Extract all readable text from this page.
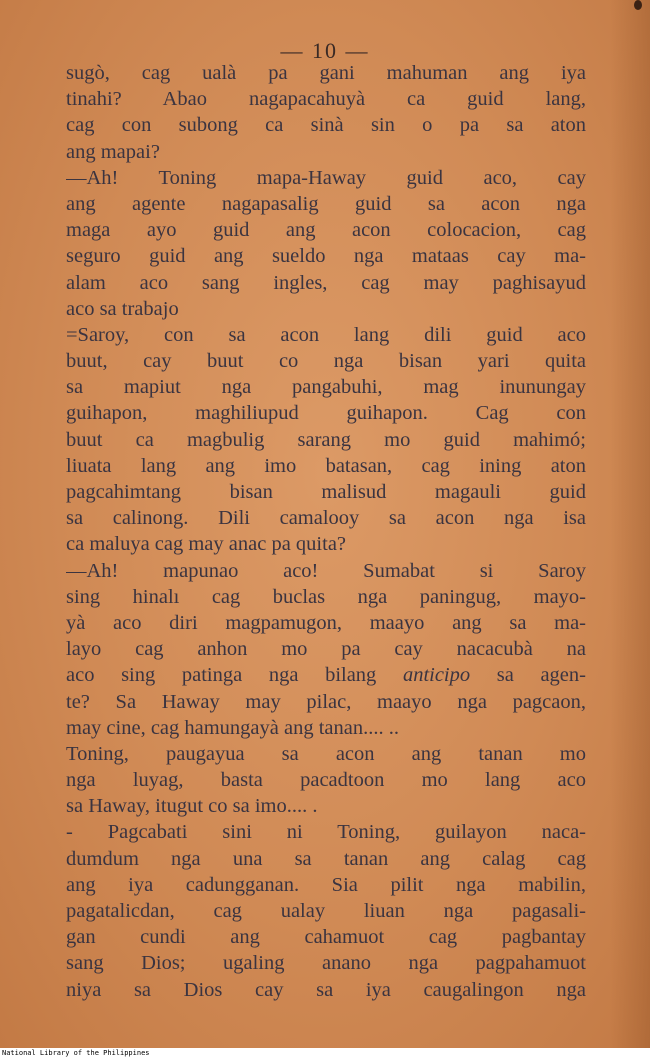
— 10 —
sugò, cag ualà pa gani mahuman ang iya
tinahi? Abao nagapacahuyà ca guid lang,
cag con subong ca sinà sin o pa sa aton
ang mapai?
—Ah! Toning mapa-Haway guid aco, cay
ang agente nagapasalig guid sa acon nga
maga ayo guid ang acon colocacion, cag
seguro guid ang sueldo nga mataas cay ma-
alam aco sang ingles, cag may paghisayud
aco sa trabajo
=Saroy, con sa acon lang dili guid aco
buut, cay buut co nga bisan yari quita
sa mapiut nga pangabuhi, mag inunungay
guihapon, maghiliupud guihapon. Cag con
buut ca magbulig sarang mo guid mahimó;
liuata lang ang imo batasan, cag ining aton
pagcahimtang bisan malisud magauli guid
sa calinong. Dili camalooy sa acon nga isa
ca maluya cag may anac pa quita?
—Ah! mapunao aco! Sumabat si Saroy
sing hinalı cag buclas nga paningug, mayo-
yà aco diri magpamugon, maayo ang sa ma-
layo cag anhon mo pa cay nacacubà na
aco sing patinga nga bilang anticipo sa agen-
te? Sa Haway may pilac, maayo nga pagcaon,
may cine, cag hamungayà ang tanan.... ..
Toning, paugayua sa acon ang tanan mo
nga luyag, basta pacadtoon mo lang aco
sa Haway, itugut co sa imo.... .
- Pagcabati sini ni Toning, guilayon naca-
dumdum nga una sa tanan ang calag cag
ang iya cadungganan. Sia pilit nga mabilin,
pagatalicdan, cag ualay liuan nga pagasali-
gan cundi ang cahamuot cag pagbantay
sang Dios; ugaling anano nga pagpahamuot
niya sa Dios cay sa iya caugalingon nga
National Library of the Philippines
